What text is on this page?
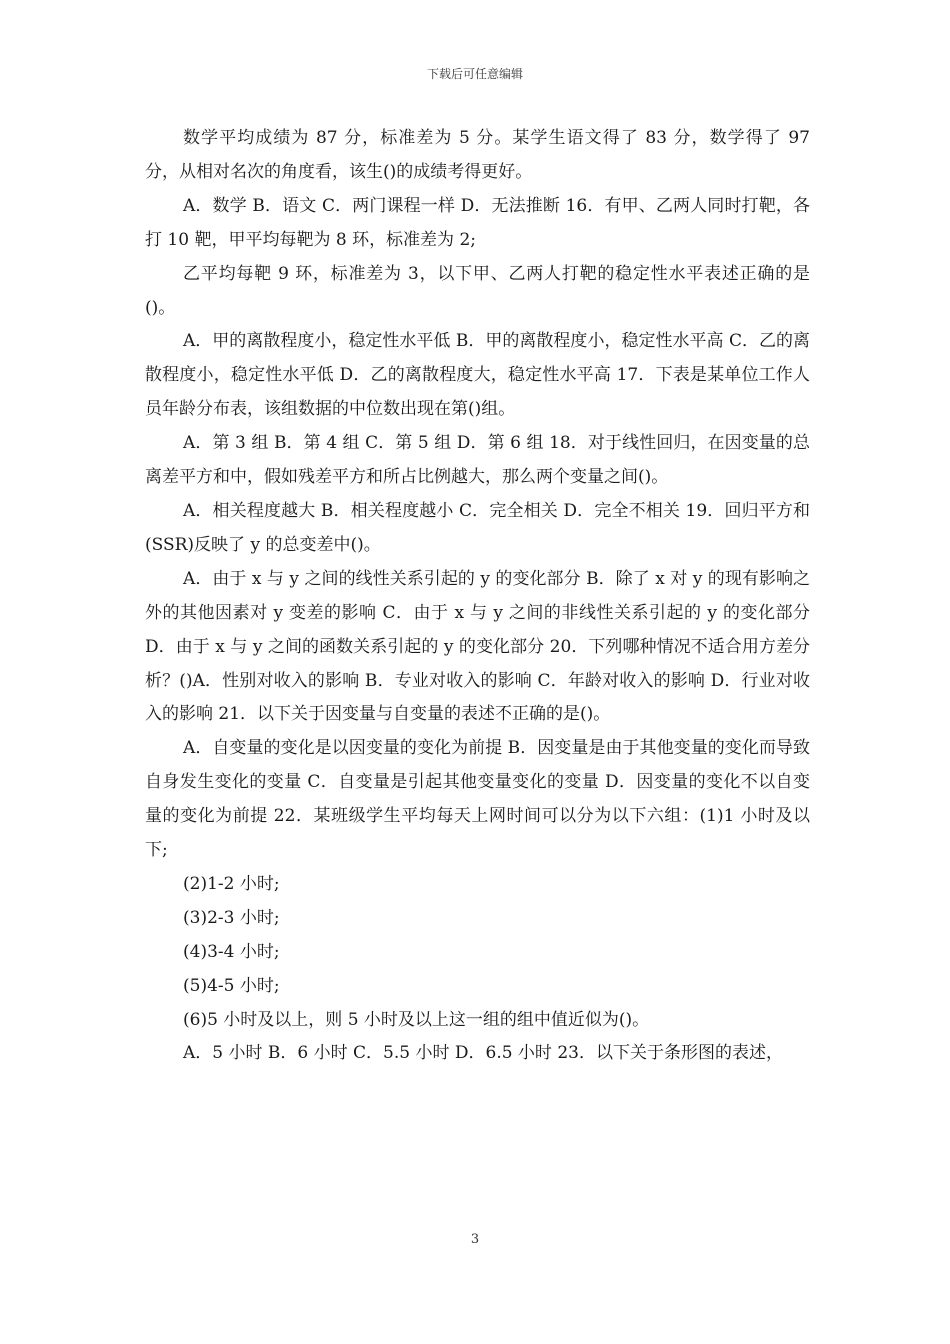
下载后可任意编辑

数学平均成绩为 87 分，标准差为 5 分。某学生语文得了 83 分，数学得了 97 分，从相对名次的角度看，该生()的成绩考得更好。

A．数学 B．语文 C．两门课程一样 D．无法推断 16．有甲、乙两人同时打靶，各打 10 靶，甲平均每靶为 8 环，标准差为 2;

乙平均每靶 9 环，标准差为 3，以下甲、乙两人打靶的稳定性水平表述正确的是()。

A．甲的离散程度小，稳定性水平低 B．甲的离散程度小，稳定性水平高 C．乙的离散程度小，稳定性水平低 D．乙的离散程度大，稳定性水平高 17．下表是某单位工作人员年龄分布表，该组数据的中位数出现在第()组。

A．第 3 组 B．第 4 组 C．第 5 组 D．第 6 组 18．对于线性回归，在因变量的总离差平方和中，假如残差平方和所占比例越大，那么两个变量之间()。

A．相关程度越大 B．相关程度越小 C．完全相关 D．完全不相关 19．回归平方和(SSR)反映了 y 的总变差中()。

A．由于 x 与 y 之间的线性关系引起的 y 的变化部分 B．除了 x 对 y 的现有影响之外的其他因素对 y 变差的影响 C．由于 x 与 y 之间的非线性关系引起的 y 的变化部分 D．由于 x 与 y 之间的函数关系引起的 y 的变化部分 20．下列哪种情况不适合用方差分析？()A．性别对收入的影响 B．专业对收入的影响 C．年龄对收入的影响 D．行业对收入的影响 21．以下关于因变量与自变量的表述不正确的是()。

A．自变量的变化是以因变量的变化为前提 B．因变量是由于其他变量的变化而导致自身发生变化的变量 C．自变量是引起其他变量变化的变量 D．因变量的变化不以自变量的变化为前提 22．某班级学生平均每天上网时间可以分为以下六组：(1)1 小时及以下;

(2)1-2 小时;

(3)2-3 小时;

(4)3-4 小时;

(5)4-5 小时;

(6)5 小时及以上，则 5 小时及以上这一组的组中值近似为()。

A．5 小时 B．6 小时 C．5.5 小时 D．6.5 小时 23．以下关于条形图的表述，

3
